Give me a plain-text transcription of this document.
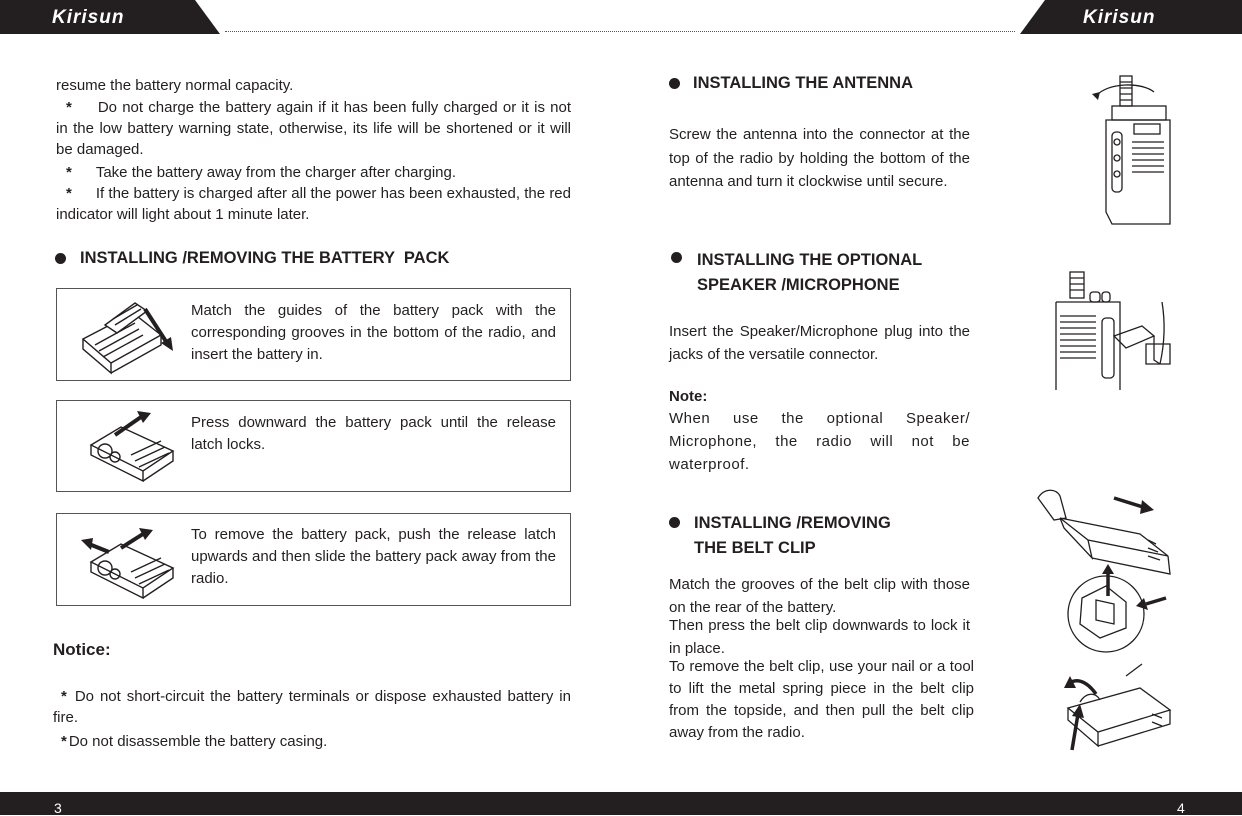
Kirisun	Kirisun
resume the battery normal capacity.
* Do not charge the battery again if it has been fully charged or it is not in the low battery warning state, otherwise, its life will be shortened or it will be damaged.
* Take the battery away from the charger after charging.
* If the battery is charged after all the power has been exhausted, the red indicator will light about 1 minute later.
INSTALLING /REMOVING THE BATTERY  PACK
Match the guides of the battery pack with the corresponding grooves in the bottom of the radio, and insert the battery in.
Press downward the battery pack until the release latch locks.
To remove the battery pack, push the release latch upwards and then slide the battery pack away from the radio.
Notice:
* Do not short-circuit the battery terminals or dispose exhausted battery in fire.
* Do not disassemble the battery casing.
INSTALLING THE ANTENNA
Screw the antenna into the connector at the top of the radio by holding the bottom of the antenna and turn it clockwise until secure.
INSTALLING THE OPTIONAL
SPEAKER /MICROPHONE
Insert the Speaker/Microphone plug into the jacks of the versatile connector.
Note:
When use the optional Speaker/ Microphone, the radio will not be waterproof.
INSTALLING /REMOVING
THE BELT CLIP
Match the grooves of the belt clip with those on the rear of the battery.
Then press the belt clip downwards to lock it in place.
To remove the belt clip, use your nail or a tool to lift the metal spring piece in the belt clip from the topside, and then pull the belt clip away from the radio.
3	4
